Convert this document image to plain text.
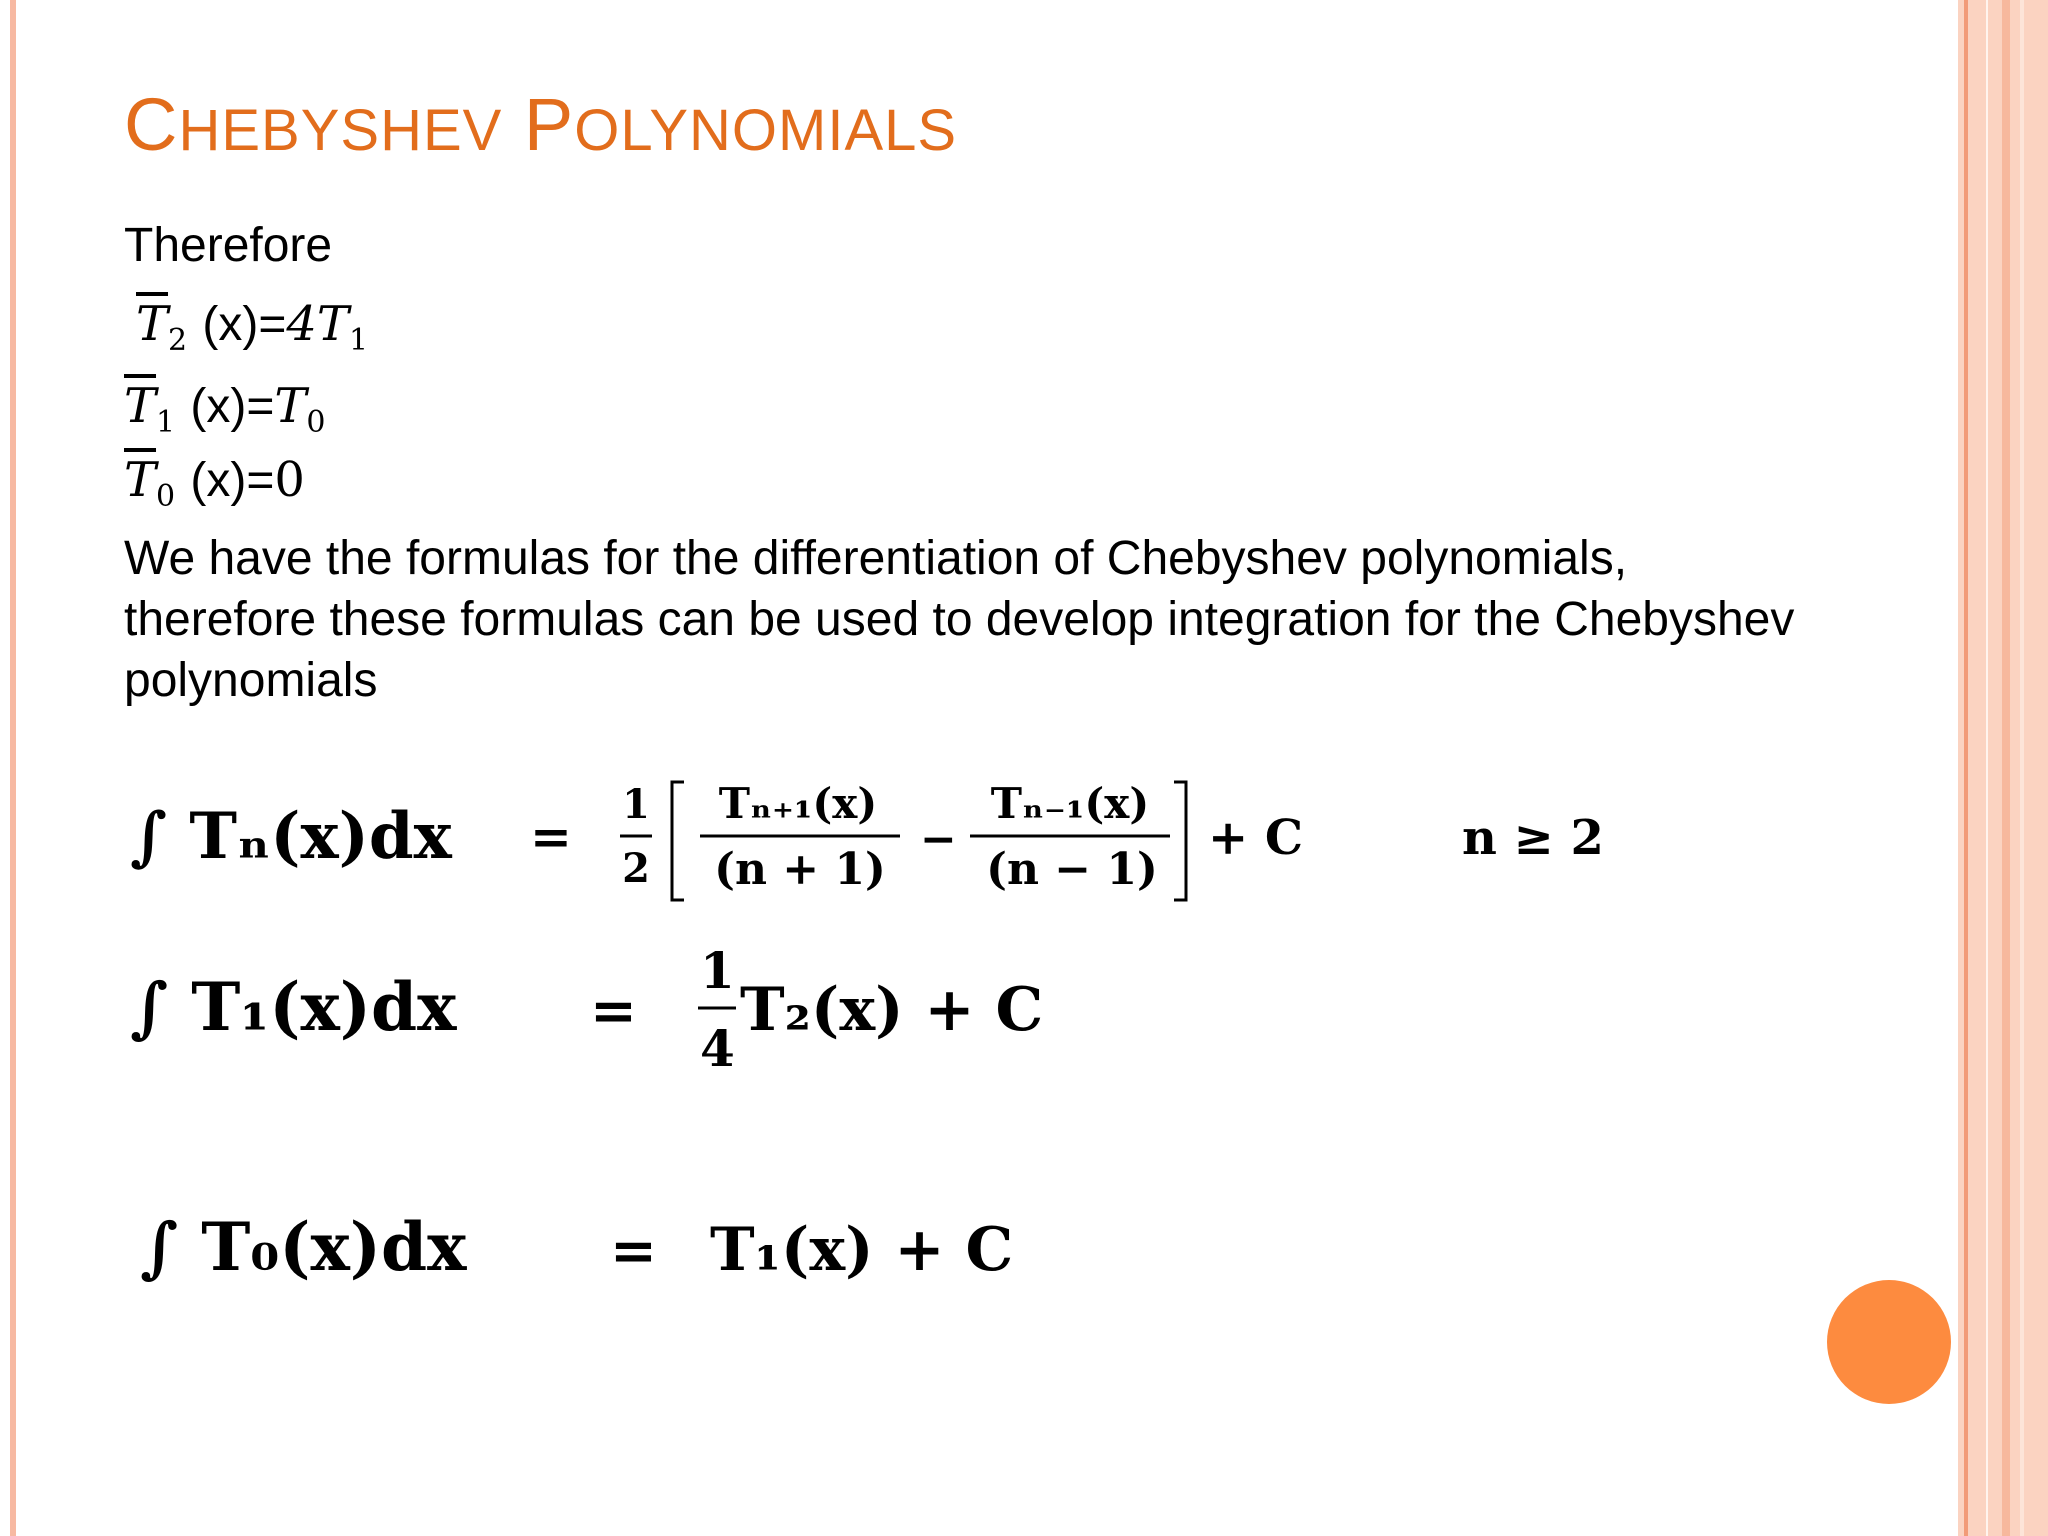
CHEBYSHEV POLYNOMIALS
Therefore
$\overline{T}_2$ $(x)=4T_1$
$\overline{T}_1$ $(x)=T_0$
$\overline{T}_0$ (x)=0
We have the formulas for the differentiation of Chebyshev polynomials,
therefore these formulas can be used to develop integration for the Chebyshev
polynomials
∫ Tₙ(x)dx =
1
2
Tₙ₊₁(x)
(n + 1)
−
Tₙ₋₁(x)
(n − 1)
+ C	n ≥ 2
∫ T₁(x)dx =
1
4
T₂(x) + C
∫ T₀(x)dx	= T₁(x) + C
